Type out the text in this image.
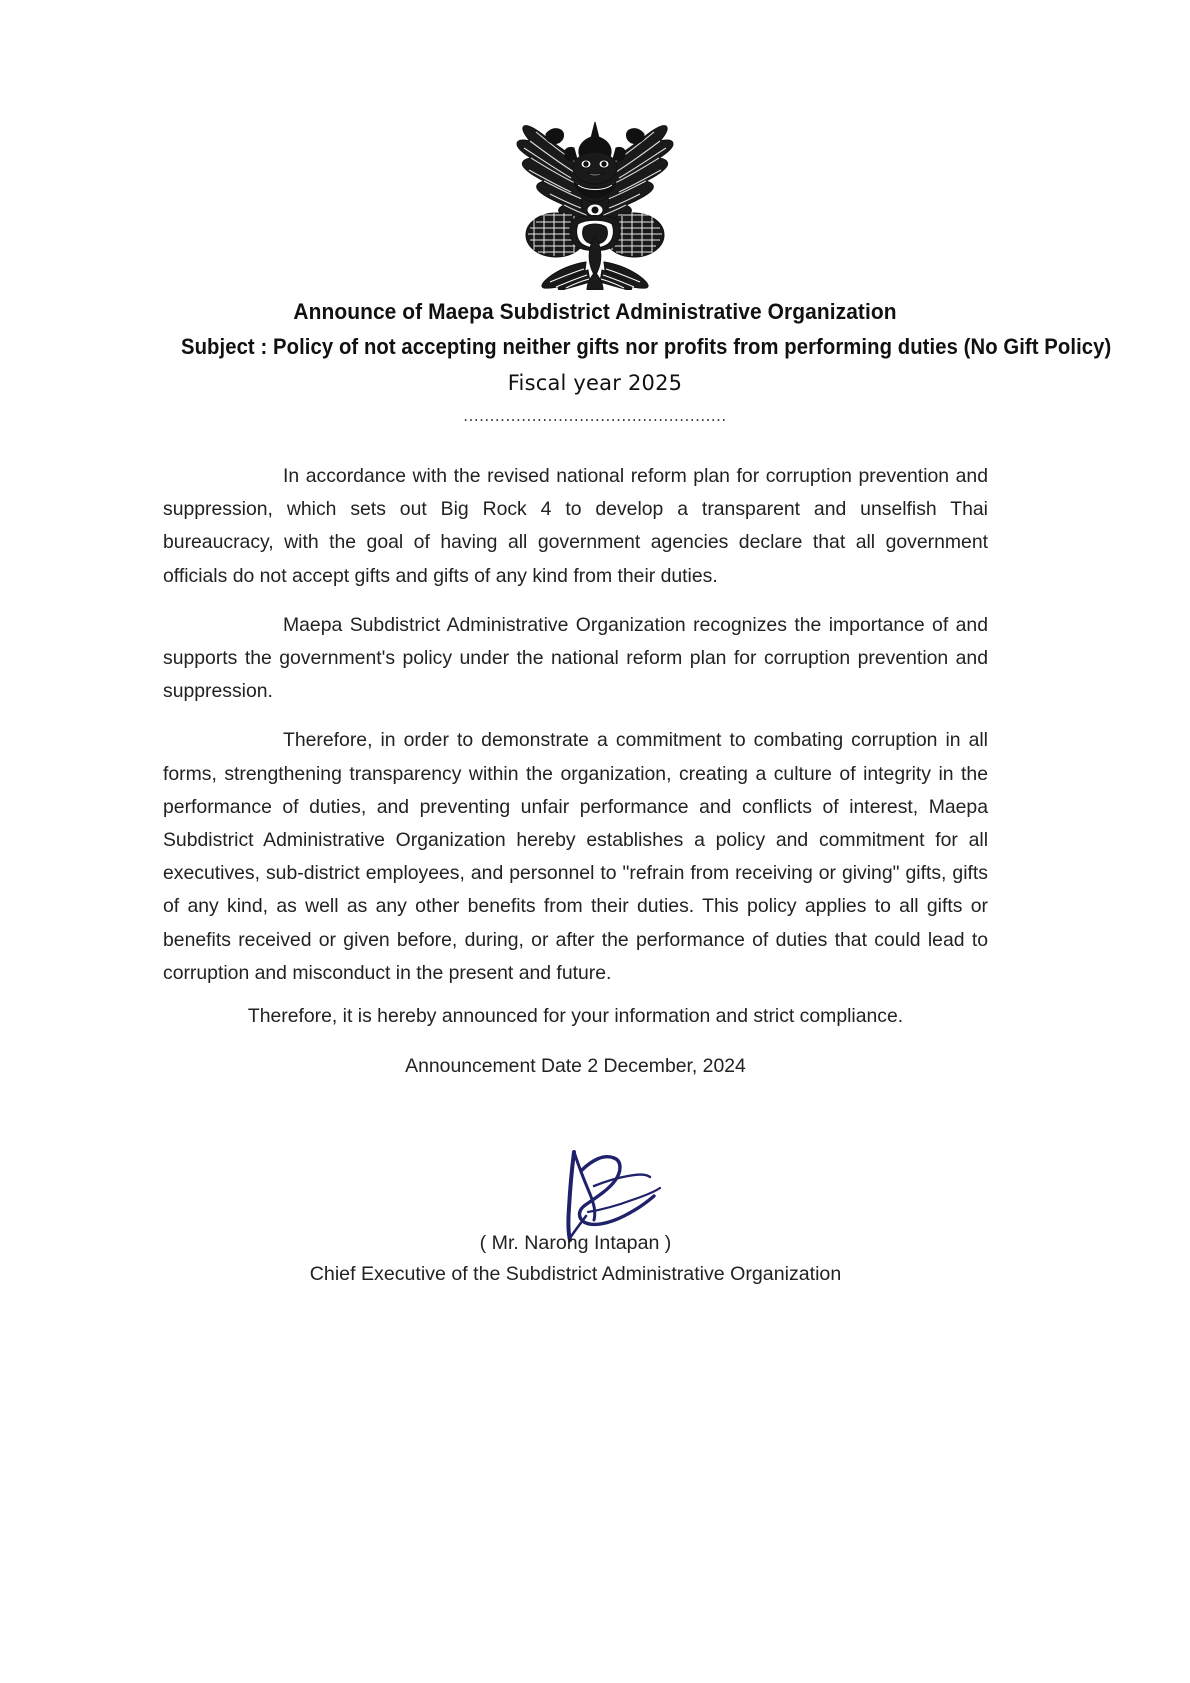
Announce of Maepa Subdistrict Administrative Organization
Subject : Policy of not accepting neither gifts nor profits from performing duties (No Gift Policy)
Fiscal year 2025
..................................................

In accordance with the revised national reform plan for corruption prevention and suppression, which sets out Big Rock 4 to develop a transparent and unselfish Thai bureaucracy, with the goal of having all government agencies declare that all government officials do not accept gifts and gifts of any kind from their duties.

Maepa Subdistrict Administrative Organization recognizes the importance of and supports the government's policy under the national reform plan for corruption prevention and suppression.

Therefore, in order to demonstrate a commitment to combating corruption in all forms, strengthening transparency within the organization, creating a culture of integrity in the performance of duties, and preventing unfair performance and conflicts of interest, Maepa Subdistrict Administrative Organization hereby establishes a policy and commitment for all executives, sub-district employees, and personnel to "refrain from receiving or giving" gifts, gifts of any kind, as well as any other benefits from their duties. This policy applies to all gifts or benefits received or given before, during, or after the performance of duties that could lead to corruption and misconduct in the present and future.

Therefore, it is hereby announced for your information and strict compliance.
Announcement Date 2 December, 2024
( Mr. Narong Intapan )
Chief Executive of the Subdistrict Administrative Organization
